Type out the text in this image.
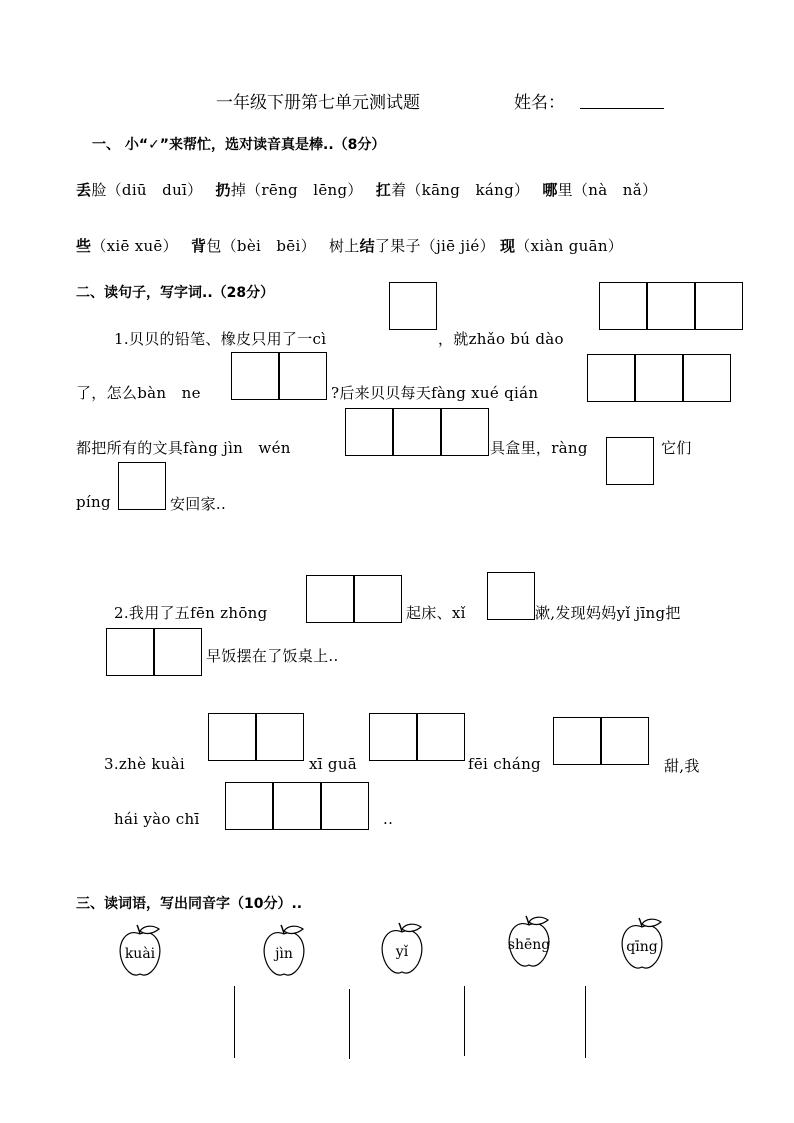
一年级下册第七单元测试题	姓名：
一、 小“✓”来帮忙，选对读音真是棒..（8分）
丢脸（diū　duī） 扔掉（rēng　lēng） 扛着（kāng　káng） 哪里（nà　nǎ）
些（xiē xuē） 背包（bèi　bēi） 树上结了果子（jiē jié） 现（xiàn guān）
二、读句子，写字词..（28分）
1.贝贝的铅笔、橡皮只用了一cì	，就zhǎo bú dào
了，怎么bàn　ne	?后来贝贝每天fàng xué qián
都把所有的文具fàng jìn　wén	具盒里，ràng	它们
píng	安回家..
2.我用了五fēn zhōng	起床、xǐ	漱,发现妈妈yǐ jīng把
早饭摆在了饭桌上..
3.zhè kuài	xī guā	fēi cháng	甜,我
hái yào chī	..
三、读词语，写出同音字（10分）..
kuài	jìn	yǐ	shēng	qīng
